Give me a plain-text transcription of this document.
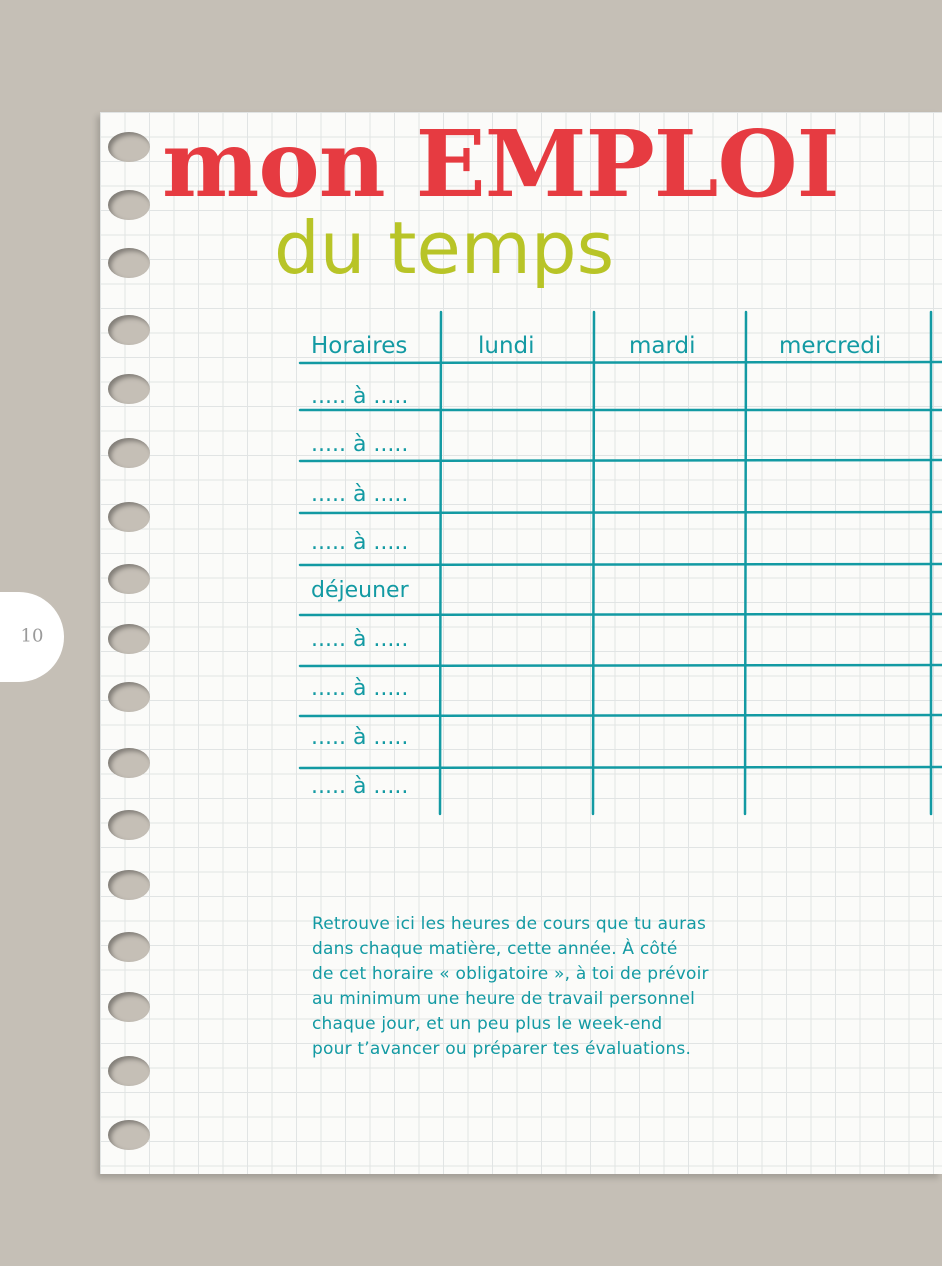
10
mon EMPLOI
du temps
Horaires	lundi	mardi	mercredi
..... à .....
..... à .....
..... à .....
..... à .....
déjeuner
..... à .....
..... à .....
..... à .....
..... à .....

Retrouve ici les heures de cours que tu auras
dans chaque matière, cette année. À côté
de cet horaire « obligatoire », à toi de prévoir
au minimum une heure de travail personnel
chaque jour, et un peu plus le week-end
pour t’avancer ou préparer tes évaluations.
